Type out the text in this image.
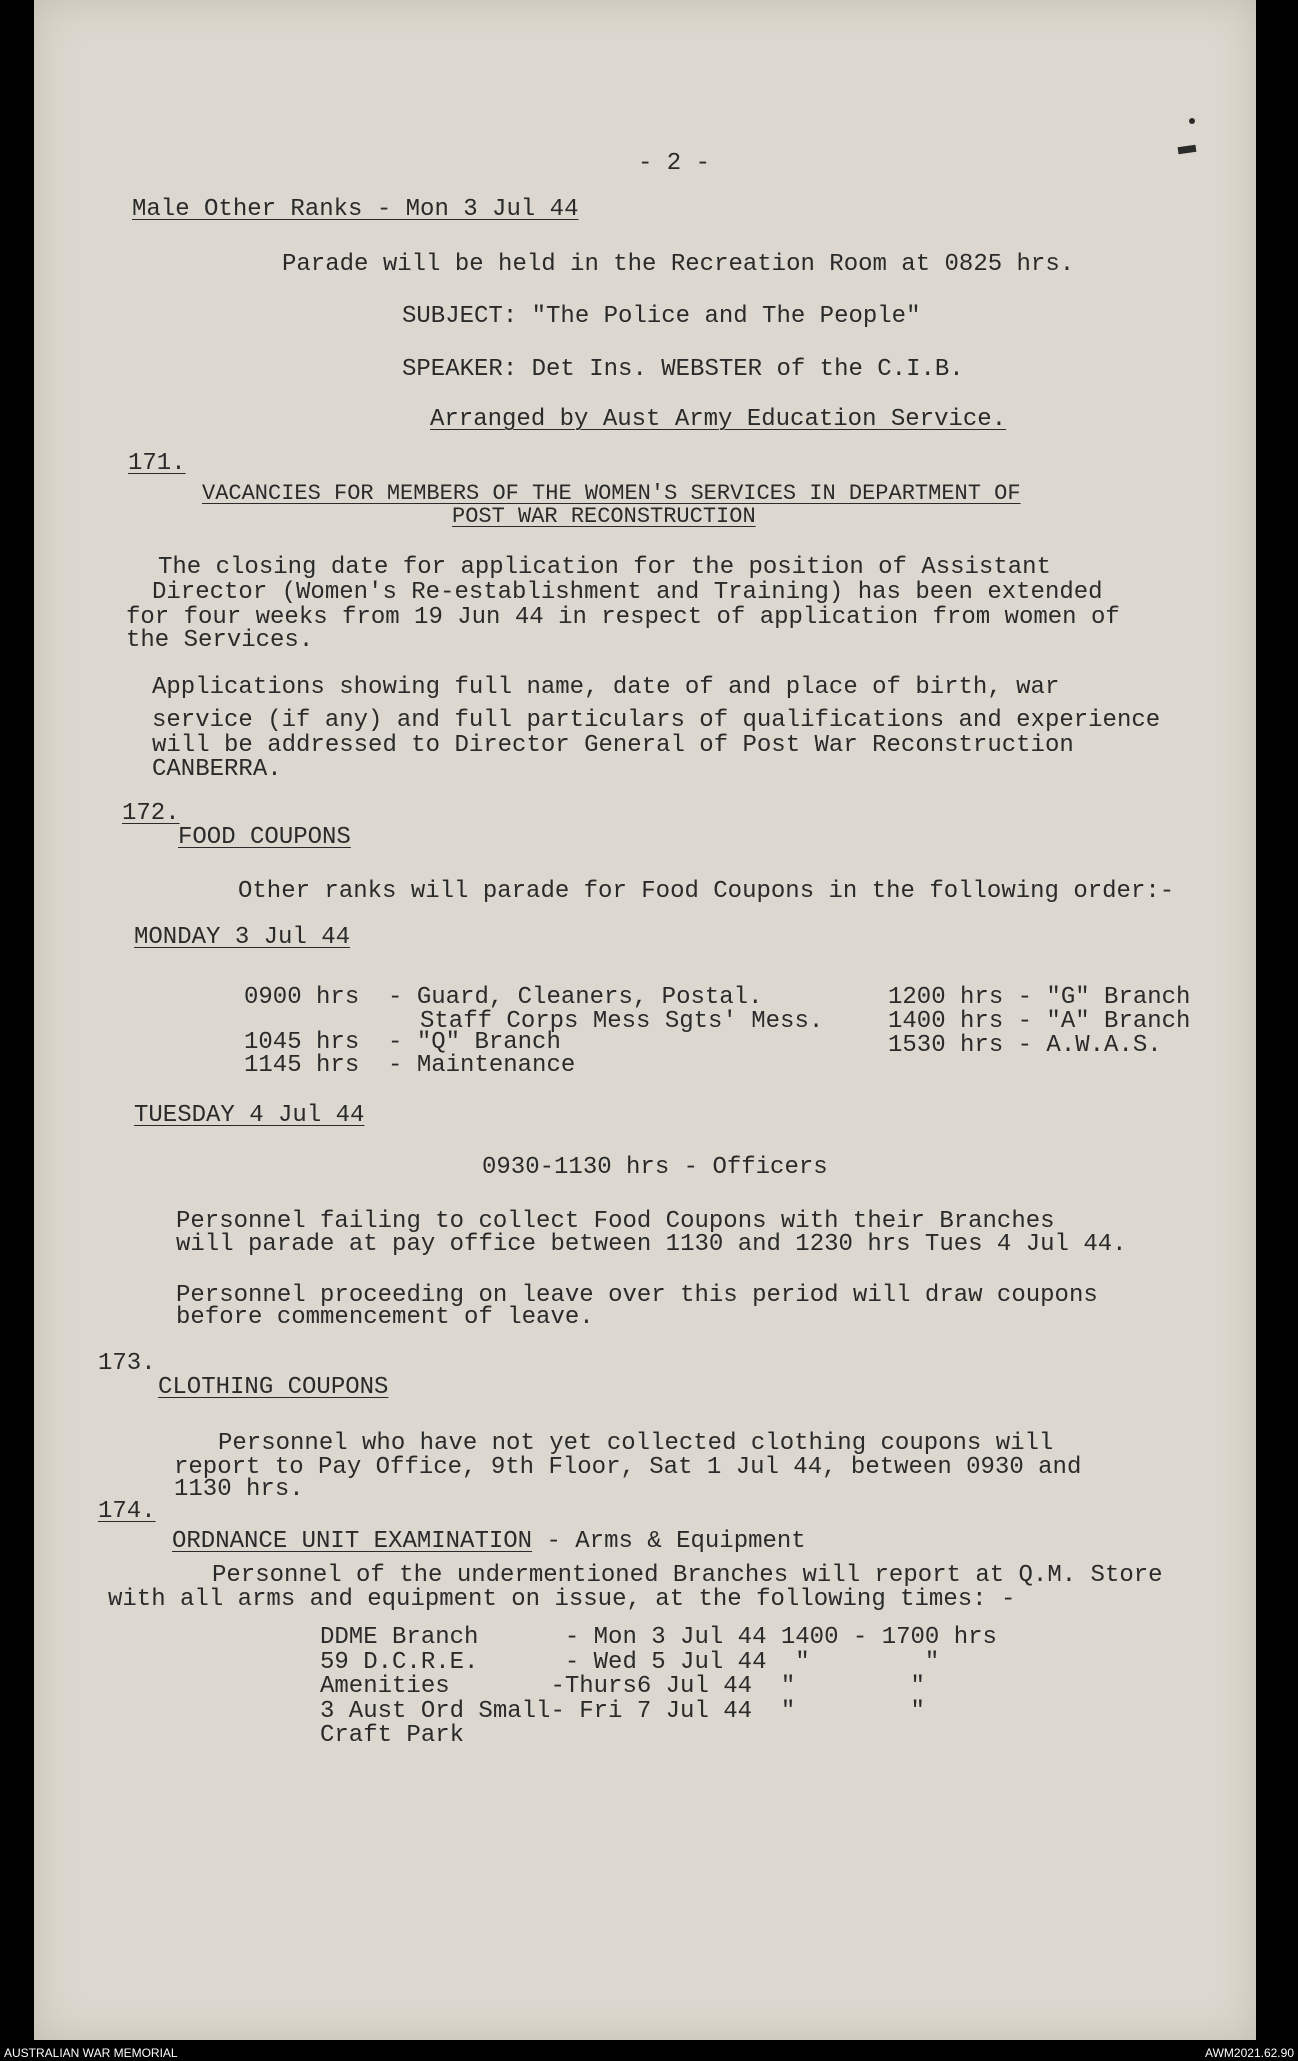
- 2 -
Male Other Ranks - Mon 3 Jul 44
Parade will be held in the Recreation Room at 0825 hrs.
SUBJECT: "The Police and The People"
SPEAKER: Det Ins. WEBSTER of the C.I.B.
Arranged by Aust Army Education Service.
171.
VACANCIES FOR MEMBERS OF THE WOMEN'S SERVICES IN DEPARTMENT OF
POST WAR RECONSTRUCTION
The closing date for application for the position of Assistant
Director (Women's Re-establishment and Training) has been extended
for four weeks from 19 Jun 44 in respect of application from women of
the Services.
Applications showing full name, date of and place of birth, war
service (if any) and full particulars of qualifications and experience
will be addressed to Director General of Post War Reconstruction
CANBERRA.
172.
FOOD COUPONS
Other ranks will parade for Food Coupons in the following order:-
MONDAY 3 Jul 44
0900 hrs  - Guard, Cleaners, Postal.	1200 hrs - "G" Branch
Staff Corps Mess Sgts' Mess.	1400 hrs - "A" Branch
1045 hrs  - "Q" Branch	1530 hrs - A.W.A.S.
1145 hrs  - Maintenance
TUESDAY 4 Jul 44
0930-1130 hrs - Officers
Personnel failing to collect Food Coupons with their Branches
will parade at pay office between 1130 and 1230 hrs Tues 4 Jul 44.
Personnel proceeding on leave over this period will draw coupons
before commencement of leave.
173.
CLOTHING COUPONS
Personnel who have not yet collected clothing coupons will
report to Pay Office, 9th Floor, Sat 1 Jul 44, between 0930 and
1130 hrs.
174.
ORDNANCE UNIT EXAMINATION - Arms & Equipment
Personnel of the undermentioned Branches will report at Q.M. Store
with all arms and equipment on issue, at the following times: -
DDME Branch      - Mon 3 Jul 44 1400 - 1700 hrs
59 D.C.R.E.      - Wed 5 Jul 44  "        "
Amenities       -Thurs6 Jul 44  "        "
3 Aust Ord Small- Fri 7 Jul 44  "        "
Craft Park
AUSTRALIAN WAR MEMORIAL	AWM2021.62.90
